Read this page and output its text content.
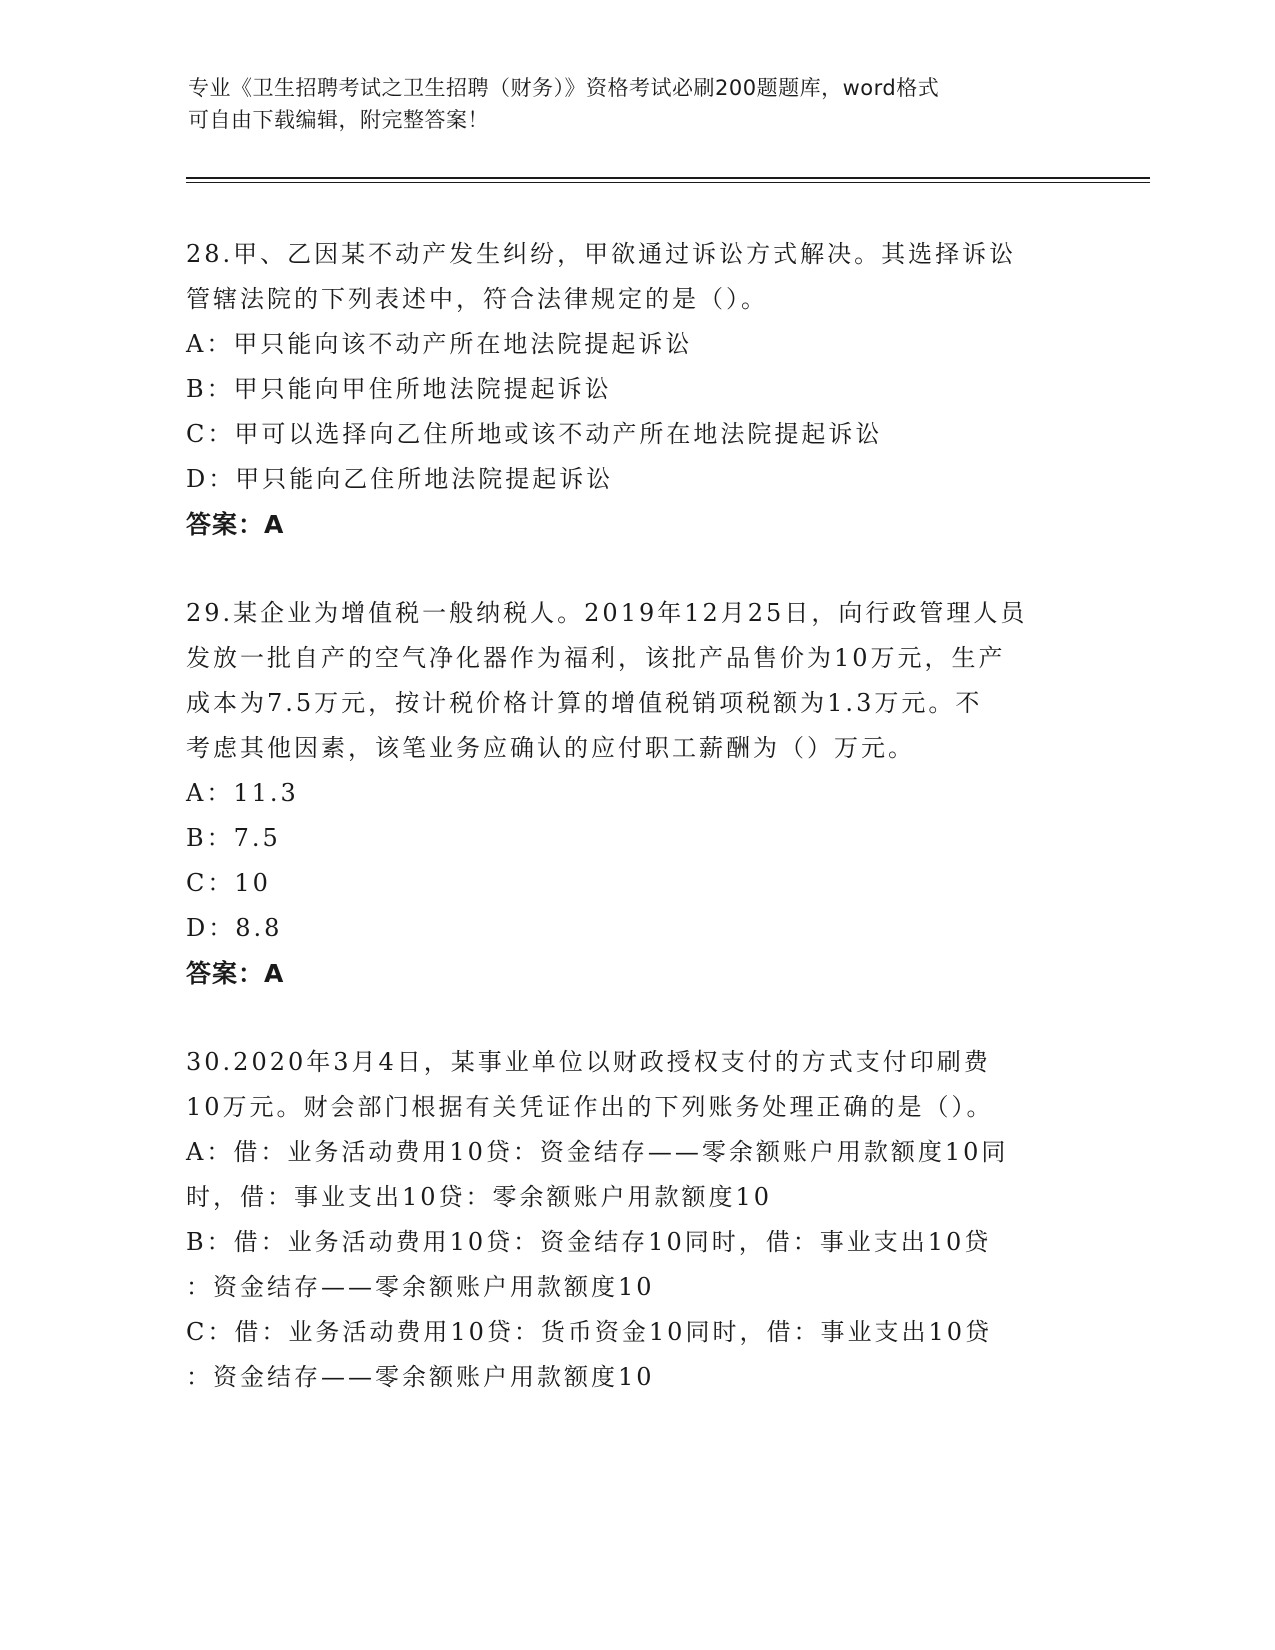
专业《卫生招聘考试之卫生招聘（财务）》资格考试必刷200题题库，word格式
可自由下载编辑，附完整答案！
28.甲、乙因某不动产发生纠纷，甲欲通过诉讼方式解决。其选择诉讼
管辖法院的下列表述中，符合法律规定的是（）。
A：甲只能向该不动产所在地法院提起诉讼
B：甲只能向甲住所地法院提起诉讼
C：甲可以选择向乙住所地或该不动产所在地法院提起诉讼
D：甲只能向乙住所地法院提起诉讼
答案：A
29.某企业为增值税一般纳税人。2019年12月25日，向行政管理人员
发放一批自产的空气净化器作为福利，该批产品售价为10万元，生产
成本为7.5万元，按计税价格计算的增值税销项税额为1.3万元。不
考虑其他因素，该笔业务应确认的应付职工薪酬为（）万元。
A：11.3
B：7.5
C：10
D：8.8
答案：A
30.2020年3月4日，某事业单位以财政授权支付的方式支付印刷费
10万元。财会部门根据有关凭证作出的下列账务处理正确的是（）。
A：借：业务活动费用10贷：资金结存——零余额账户用款额度10同
时，借：事业支出10贷：零余额账户用款额度10
B：借：业务活动费用10贷：资金结存10同时，借：事业支出10贷
：资金结存——零余额账户用款额度10
C：借：业务活动费用10贷：货币资金10同时，借：事业支出10贷
：资金结存——零余额账户用款额度10
